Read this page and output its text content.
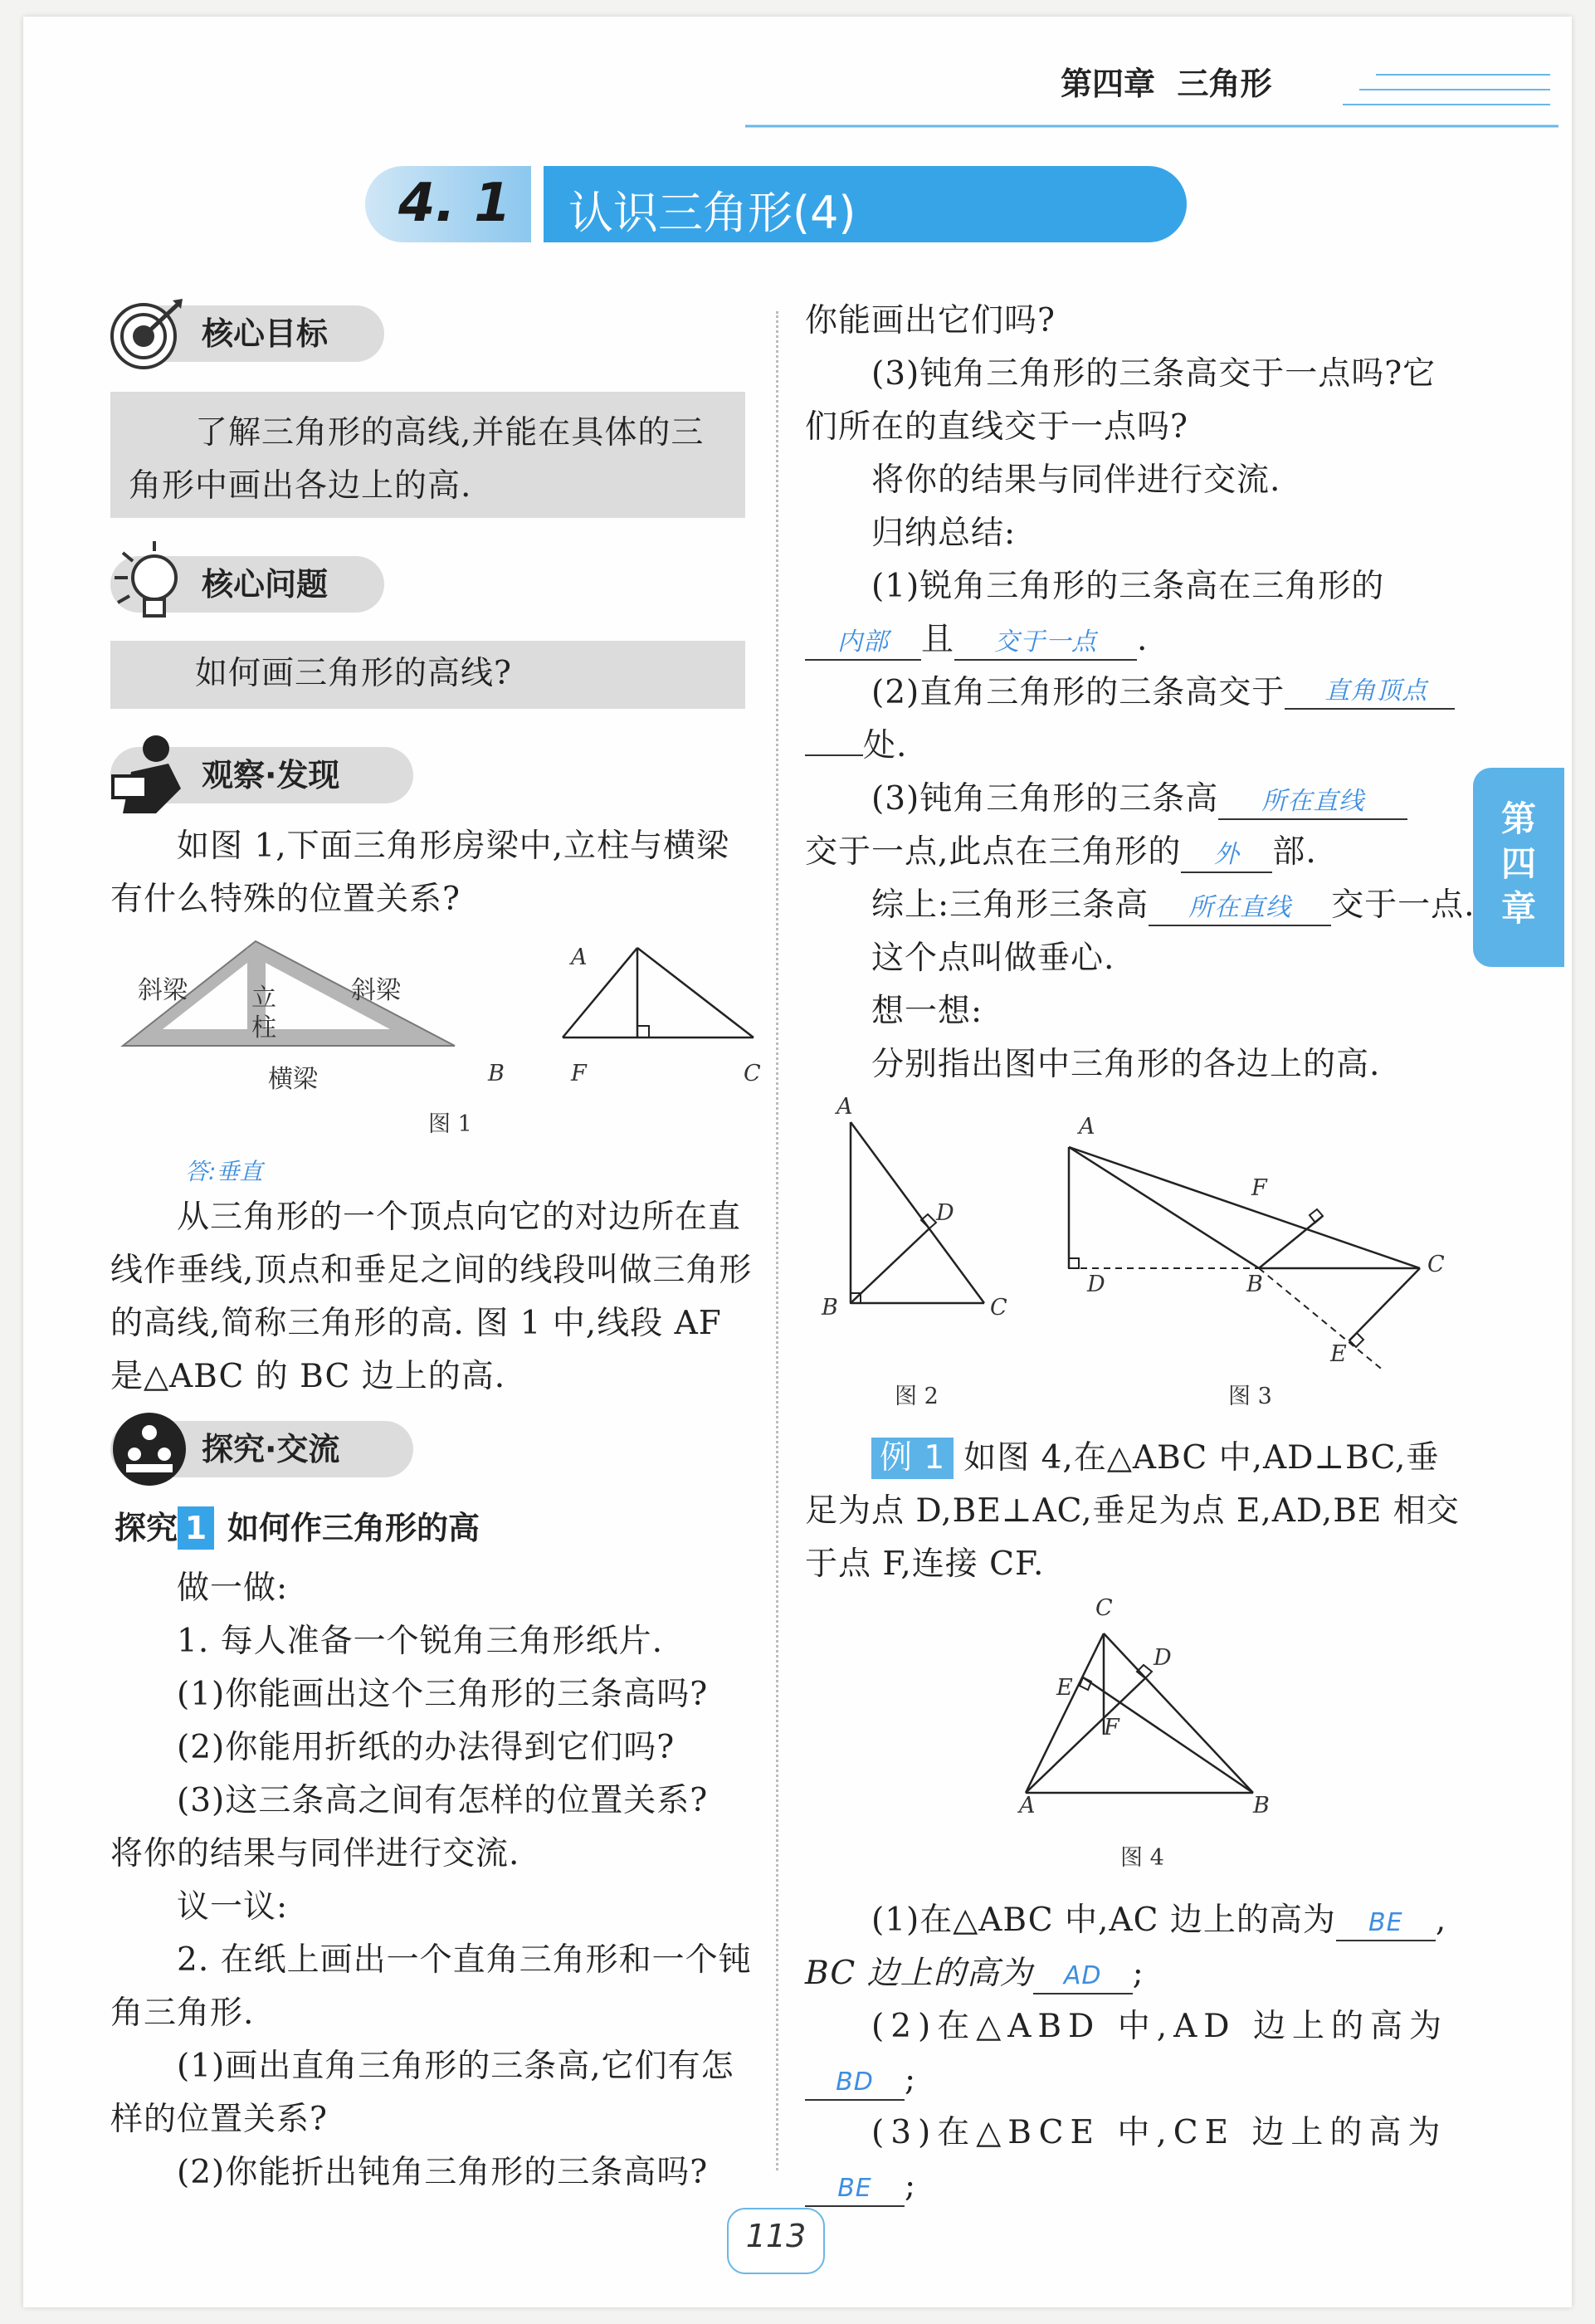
第四章 三角形
4. 1 认识三角形(4)
第四章
核心目标
了解三角形的高线,并能在具体的三角形中画出各边上的高.
核心问题
如何画三角形的高线?
观察·发现
如图 1,下面三角形房梁中,立柱与横梁有什么特殊的位置关系?
斜梁	立柱
斜梁
横梁
A
B	F	C
图 1
答:垂直
从三角形的一个顶点向它的对边所在直线作垂线,顶点和垂足之间的线段叫做三角形的高线,简称三角形的高. 图 1 中,线段 AF 是△ABC 的 BC 边上的高.
探究·交流
探究 1 如何作三角形的高
做一做:
1. 每人准备一个锐角三角形纸片.
(1)你能画出这个三角形的三条高吗?
(2)你能用折纸的办法得到它们吗?
(3)这三条高之间有怎样的位置关系?
将你的结果与同伴进行交流.
议一议:
2. 在纸上画出一个直角三角形和一个钝角三角形.
(1)画出直角三角形的三条高,它们有怎样的位置关系?
(2)你能折出钝角三角形的三条高吗?
你能画出它们吗?
(3)钝角三角形的三条高交于一点吗?它们所在的直线交于一点吗?
将你的结果与同伴进行交流.
归纳总结:
(1)锐角三角形的三条高在三角形的
内部 且 交于一点 .
(2)直角三角形的三条高交于 直角顶点
处.
(3)钝角三角形的三条高 所在直线
交于一点,此点在三角形的 外 部.
综上:三角形三条高 所在直线 交于一点. 这个点叫做垂心.
想一想:
分别指出图中三角形的各边上的高.
A
D
B	C
图 2
A
F
D	B
C
E
图 3
例 1 如图 4,在△ABC 中,AD⊥BC,垂足为点 D,BE⊥AC,垂足为点 E,AD,BE 相交于点 F,连接 CF.
C
D
E
F
A	B
图 4
(1)在△ABC 中,AC 边上的高为 BE ,
BC 边上的高为 AD ;
(2)在△ABD 中,AD 边上的高为
BD ;
(3)在△BCE 中,CE 边上的高为
BE ;
113
